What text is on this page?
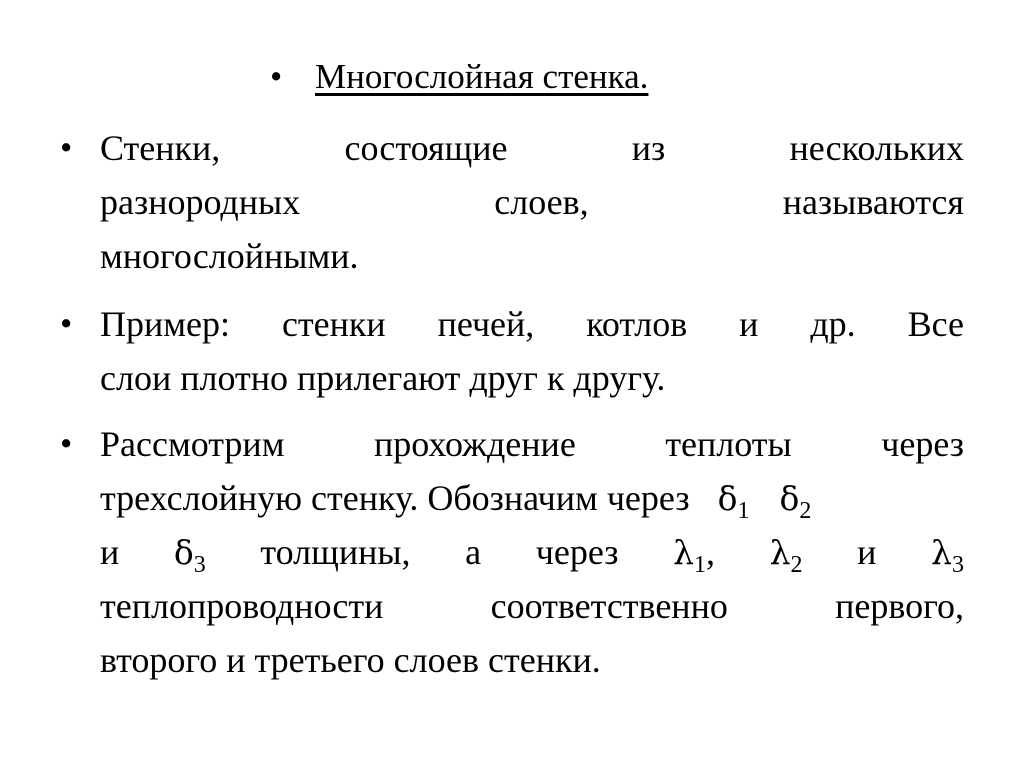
• Многослойная стенка.
• Стенки,	состоящие	из	нескольких
разнородных	слоев,	называются
многослойными.
• Пример: стенки печей, котлов и др. Все
слои плотно прилегают друг к другу.
• Рассмотрим прохождение теплоты через
трехслойную стенку. Обозначим через $\delta_1$ $\delta_2$
и $\delta_3$ толщины, а через $\lambda_1$, $\lambda_2$ и $\lambda_3$
теплопроводности	соответственно	первого,
второго и третьего слоев стенки.
